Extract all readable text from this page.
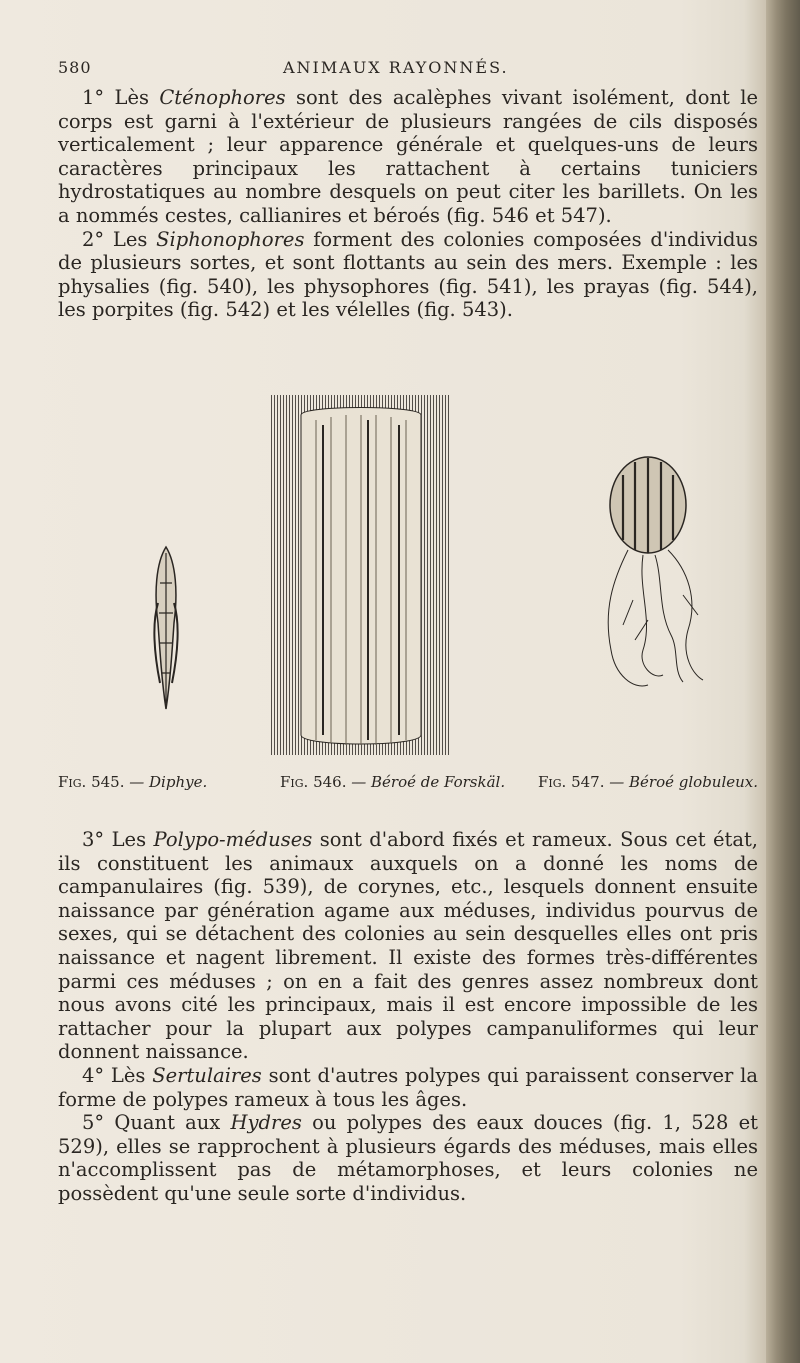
580	ANIMAUX RAYONNÉS.

1° Lès Cténophores sont des acalèphes vivant isolément, dont le corps est garni à l'extérieur de plusieurs rangées de cils disposés verticalement ; leur apparence générale et quelques-uns de leurs caractères principaux les rattachent à certains tuniciers hydrostatiques au nombre desquels on peut citer les barillets. On les a nommés cestes, callianires et béroés (fig. 546 et 547).

2° Les Siphonophores forment des colonies composées d'individus de plusieurs sortes, et sont flottants au sein des mers. Exemple : les physalies (fig. 540), les physophores (fig. 541), les prayas (fig. 544), les porpites (fig. 542) et les vélelles (fig. 543).

Fig. 545. — Diphye.	Fig. 546. — Béroé de Forskäl. Fig. 547. — Béroé globuleux.

3° Les Polypo-méduses sont d'abord fixés et rameux. Sous cet état, ils constituent les animaux auxquels on a donné les noms de campanulaires (fig. 539), de corynes, etc., lesquels donnent ensuite naissance par génération agame aux méduses, individus pourvus de sexes, qui se détachent des colonies au sein desquelles elles ont pris naissance et nagent librement. Il existe des formes très-différentes parmi ces méduses ; on en a fait des genres assez nombreux dont nous avons cité les principaux, mais il est encore impossible de les rattacher pour la plupart aux polypes campanuliformes qui leur donnent naissance.

4° Lès Sertulaires sont d'autres polypes qui paraissent conserver la forme de polypes rameux à tous les âges.

5° Quant aux Hydres ou polypes des eaux douces (fig. 1, 528 et 529), elles se rapprochent à plusieurs égards des méduses, mais elles n'accomplissent pas de métamorphoses, et leurs colonies ne possèdent qu'une seule sorte d'individus.
